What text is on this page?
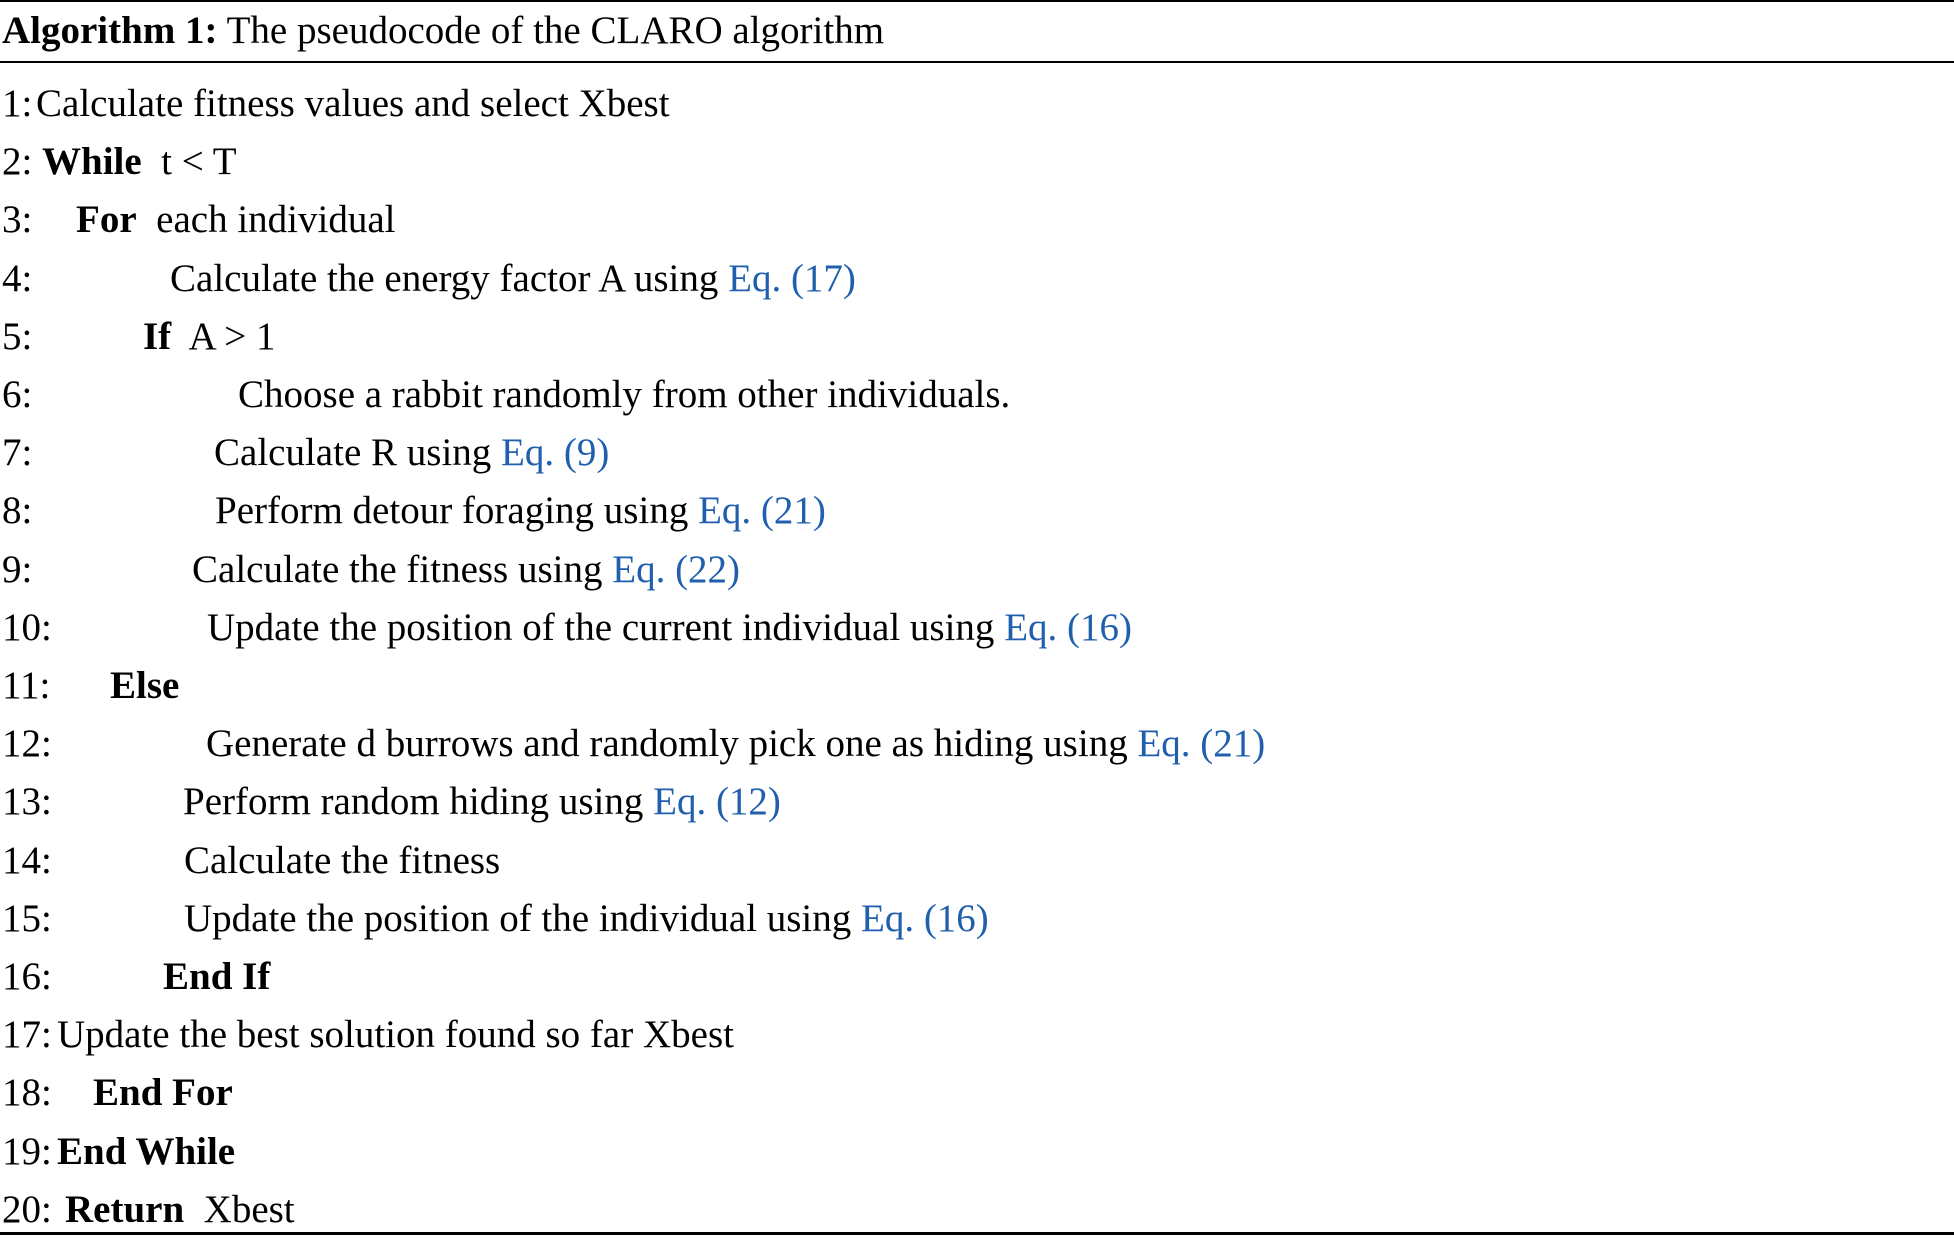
Algorithm 1: The pseudocode of the CLARO algorithm
1: Calculate fitness values and select Xbest
2: While  t < T
3: For  each individual
4:	Calculate the energy factor A using Eq. (17)
5:	If  A > 1
6:	Choose a rabbit randomly from other individuals.
7:	Calculate R using Eq. (9)
8:	Perform detour foraging using Eq. (21)
9:	Calculate the fitness using Eq. (22)
10:	Update the position of the current individual using Eq. (16)
11: Else
12:	Generate d burrows and randomly pick one as hiding using Eq. (21)
13:	Perform random hiding using Eq. (12)
14:	Calculate the fitness
15:	Update the position of the individual using Eq. (16)
16:	End If
17: Update the best solution found so far Xbest
18: End For
19: End While
20: Return  Xbest
